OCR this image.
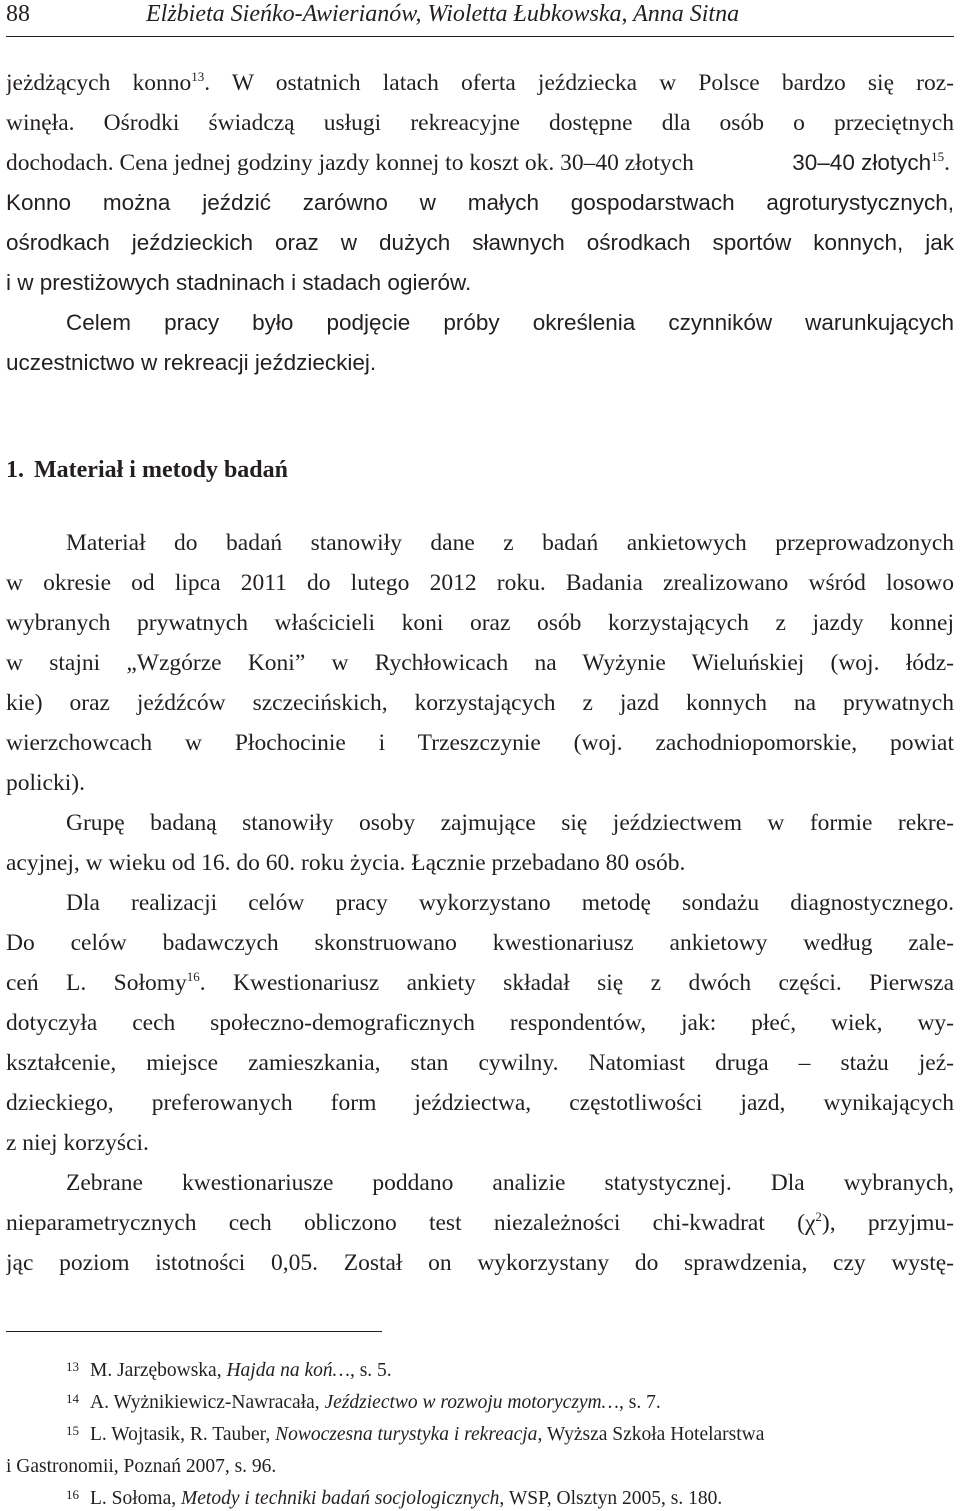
88	Elżbieta Sieńko-Awierianów, Wioletta Łubkowska, Anna Sitna
jeżdżących konno$^{13}$. W ostatnich latach oferta jeździecka w Polsce bardzo się roz-
winęła. Ośrodki świadczą usługi rekreacyjne dostępne dla osób o przeciętnych
dochodach. Cena jednej godziny jazdy konnej to koszt ok. 30–40 złotych	30–40 złotych$^{15}$.
Konno można jeździć zarówno w małych gospodarstwach agroturystycznych,
ośrodkach jeździeckich oraz w dużych sławnych ośrodkach sportów konnych, jak
i w prestiżowych stadninach i stadach ogierów.
Celem pracy było podjęcie próby określenia czynników warunkujących
uczestnictwo w rekreacji jeździeckiej.
1. Materiał i metody badań
Materiał do badań stanowiły dane z badań ankietowych przeprowadzonych
w okresie od lipca 2011 do lutego 2012 roku. Badania zrealizowano wśród losowo
wybranych prywatnych właścicieli koni oraz osób korzystających z jazdy konnej
w stajni „Wzgórze Koni” w Rychłowicach na Wyżynie Wieluńskiej (woj. łódz-
kie) oraz jeźdźców szczecińskich, korzystających z jazd konnych na prywatnych
wierzchowcach w Płochocinie i Trzeszczynie (woj. zachodniopomorskie, powiat
policki).
Grupę badaną stanowiły osoby zajmujące się jeździectwem w formie rekre-
acyjnej, w wieku od 16. do 60. roku życia. Łącznie przebadano 80 osób.
Dla realizacji celów pracy wykorzystano metodę sondażu diagnostycznego.
Do celów badawczych skonstruowano kwestionariusz ankietowy według zale-
ceń L. Sołomy$^{16}$. Kwestionariusz ankiety składał się z dwóch części. Pierwsza
dotyczyła cech społeczno-demograficznych respondentów, jak: płeć, wiek, wy-
kształcenie, miejsce zamieszkania, stan cywilny. Natomiast druga – stażu jeź-
dzieckiego, preferowanych form jeździectwa, częstotliwości jazd, wynikających
z niej korzyści.
Zebrane kwestionariusze poddano analizie statystycznej. Dla wybranych,
nieparametrycznych cech obliczono test niezależności chi-kwadrat $(\chi^2)$, przyjmu-
jąc poziom istotności 0,05. Został on wykorzystany do sprawdzenia, czy wystę-
13 M. Jarzębowska, Hajda na koń…, s. 5.
14 A. Wyżnikiewicz-Nawracała, Jeździectwo w rozwoju motoryczym…, s. 7.
15 L. Wojtasik, R. Tauber, Nowoczesna turystyka i rekreacja, Wyższa Szkoła Hotelarstwa
i Gastronomii, Poznań 2007, s. 96.
16 L. Sołoma, Metody i techniki badań socjologicznych, WSP, Olsztyn 2005, s. 180.
